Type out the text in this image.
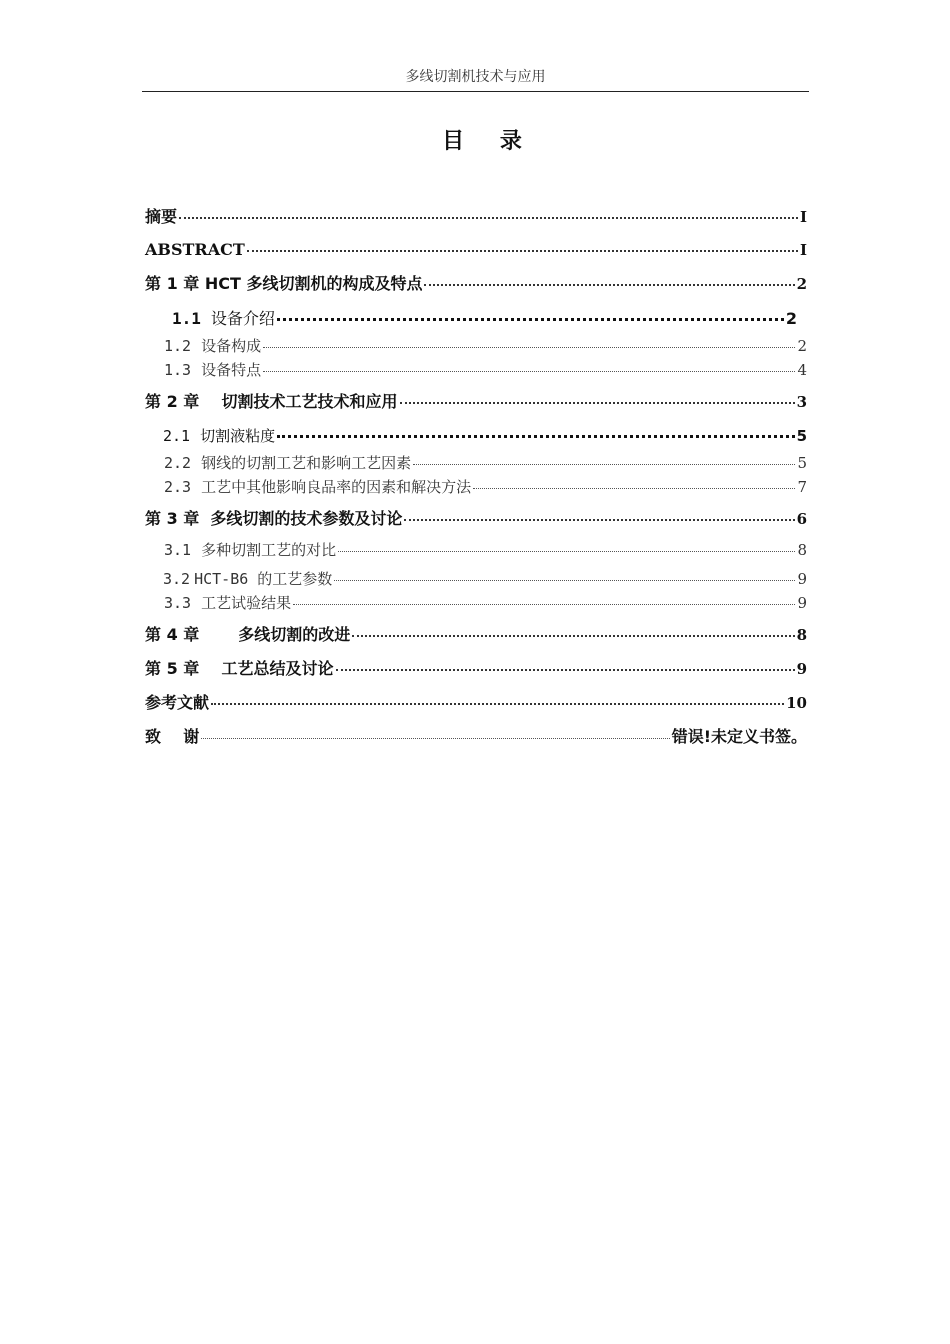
多线切割机技术与应用
目 录
摘要	I
ABSTRACT	I
第 1 章 HCT 多线切割机的构成及特点	2
1.1 设备介绍	2
1.2 设备构成	2
1.3 设备特点	4
第 2 章    切割技术工艺技术和应用	3
2.1 切割液粘度	5
2.2 钢线的切割工艺和影响工艺因素	5
2.3 工艺中其他影响良品率的因素和解决方法	7
第 3 章  多线切割的技术参数及讨论	6
3.1 多种切割工艺的对比	8
3.2 HCT-B6 的工艺参数	9
3.3 工艺试验结果	9
第 4 章       多线切割的改进	8
第 5 章    工艺总结及讨论	9
参考文献	10
致    谢	错误!未定义书签。
